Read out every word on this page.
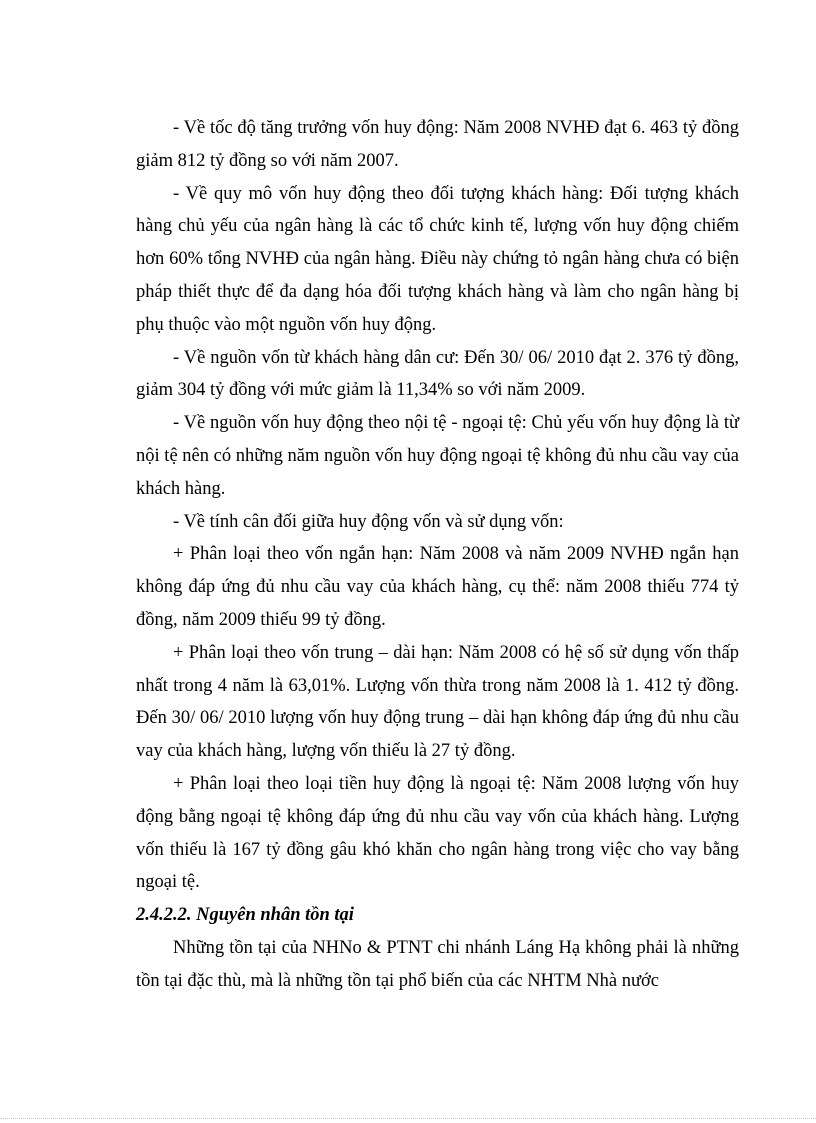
- Về tốc độ tăng trưởng vốn huy động: Năm 2008 NVHĐ đạt 6. 463 tỷ đồng giảm 812 tỷ đồng so với năm 2007.

- Về quy mô vốn huy động theo đối tượng khách hàng: Đối tượng khách hàng chủ yếu của ngân hàng là các tổ chức kinh tế, lượng vốn huy động chiếm hơn 60% tổng NVHĐ của ngân hàng. Điều này chứng tỏ ngân hàng chưa có biện pháp thiết thực để đa dạng hóa đối tượng khách hàng và làm cho ngân hàng bị phụ thuộc vào một nguồn vốn huy động.

- Về nguồn vốn từ khách hàng dân cư: Đến 30/ 06/ 2010 đạt 2. 376 tỷ đồng, giảm 304 tỷ đồng với mức giảm là 11,34% so với năm 2009.

- Về nguồn vốn huy động theo nội tệ - ngoại tệ: Chủ yếu vốn huy động là từ nội tệ nên có những năm nguồn vốn huy động ngoại tệ không đủ nhu cầu vay của khách hàng.

- Về tính cân đối giữa huy động vốn và sử dụng vốn:

+ Phân loại theo vốn ngắn hạn: Năm 2008 và năm 2009 NVHĐ ngắn hạn không đáp ứng đủ nhu cầu vay của khách hàng, cụ thể: năm 2008 thiếu 774 tỷ đồng, năm 2009 thiếu 99 tỷ đồng.

+ Phân loại theo vốn trung – dài hạn: Năm 2008 có hệ số sử dụng vốn thấp nhất trong 4 năm là 63,01%. Lượng vốn thừa trong năm 2008 là 1. 412 tỷ đồng. Đến 30/ 06/ 2010 lượng vốn huy động trung – dài hạn không đáp ứng đủ nhu cầu vay của khách hàng, lượng vốn thiếu là 27 tỷ đồng.

+ Phân loại theo loại tiền huy động là ngoại tệ: Năm 2008 lượng vốn huy động bằng ngoại tệ không đáp ứng đủ nhu cầu vay vốn của khách hàng. Lượng vốn thiếu là 167 tỷ đồng gâu khó khăn cho ngân hàng trong việc cho vay bằng ngoại tệ.

2.4.2.2. Nguyên nhân tồn tại

Những tồn tại của NHNo & PTNT chi nhánh Láng Hạ không phải là những tồn tại đặc thù, mà là những tồn tại phổ biến của các NHTM Nhà nước
